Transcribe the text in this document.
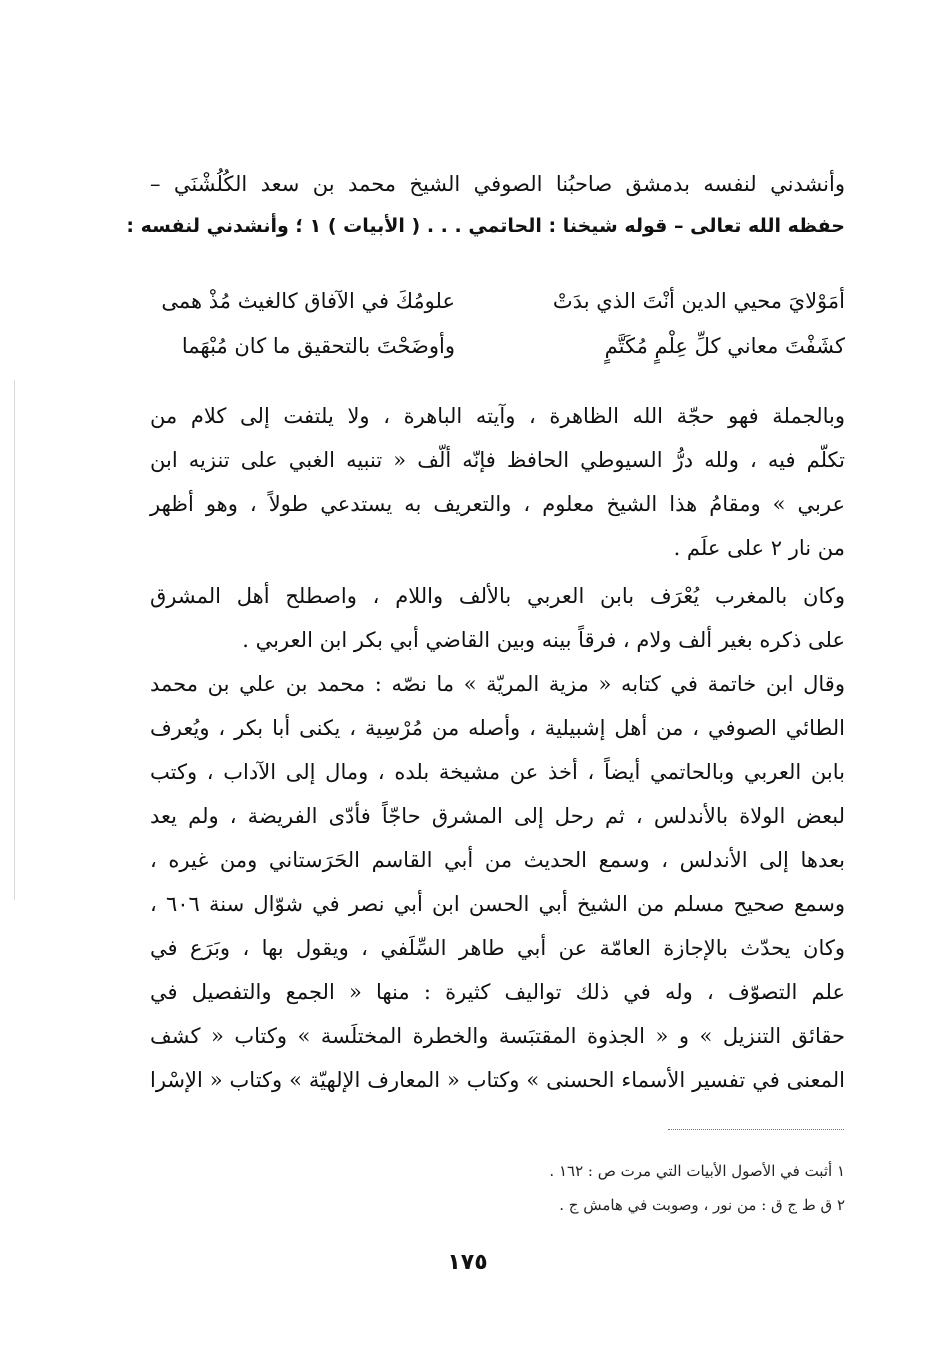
وأنشدني لنفسه بدمشق صاحبُنا الصوفي الشيخ محمد بن سعد الكُلُشْنَي –
حفظه الله تعالى – قوله شيخنا : الحاتمي . . . ( الأبيات ) ١ ؛ وأنشدني لنفسه :
أمَوْلايَ محيي الدين أنْتَ الذي بدَتْ
علومُكَ في الآفاق كالغيث مُذْ همى
كشَفْتَ معاني كلِّ عِلْمٍ مُكَتَّمٍ
وأوضَحْتَ بالتحقيق ما كان مُبْهَما
وبالجملة فهو حجّة الله الظاهرة ، وآيته الباهرة ، ولا يلتفت إلى كلام من
تكلّم فيه ، ولله درُّ السيوطي الحافظ فإنّه ألّف « تنبيه الغبي على تنزيه ابن
عربي » ومقامُ هذا الشيخ معلوم ، والتعريف به يستدعي طولاً ، وهو أظهر
من نار ٢ على علَم .
وكان بالمغرب يُعْرَف بابن العربي بالألف واللام ، واصطلح أهل المشرق
على ذكره بغير ألف ولام ، فرقاً بينه وبين القاضي أبي بكر ابن العربي .
وقال ابن خاتمة في كتابه « مزية المريّة » ما نصّه : محمد بن علي بن محمد
الطائي الصوفي ، من أهل إشبيلية ، وأصله من مُرْسِية ، يكنى أبا بكر ، ويُعرف
بابن العربي وبالحاتمي أيضاً ، أخذ عن مشيخة بلده ، ومال إلى الآداب ، وكتب
لبعض الولاة بالأندلس ، ثم رحل إلى المشرق حاجّاً فأدّى الفريضة ، ولم يعد
بعدها إلى الأندلس ، وسمع الحديث من أبي القاسم الحَرَستاني ومن غيره ،
وسمع صحيح مسلم من الشيخ أبي الحسن ابن أبي نصر في شوّال سنة ٦٠٦ ،
وكان يحدّث بالإجازة العامّة عن أبي طاهر السِّلَفي ، ويقول بها ، وبَرَع في
علم التصوّف ، وله في ذلك تواليف كثيرة : منها « الجمع والتفصيل في
حقائق التنزيل » و « الجذوة المقتبَسة والخطرة المختلَسة » وكتاب « كشف
المعنى في تفسير الأسماء الحسنى » وكتاب « المعارف الإلهيّة » وكتاب « الإسْرا
١ أثبت في الأصول الأبيات التي مرت ص : ١٦٢ .
٢ ق ط ج ق : من نور ، وصوبت في هامش ج .
١٧٥
